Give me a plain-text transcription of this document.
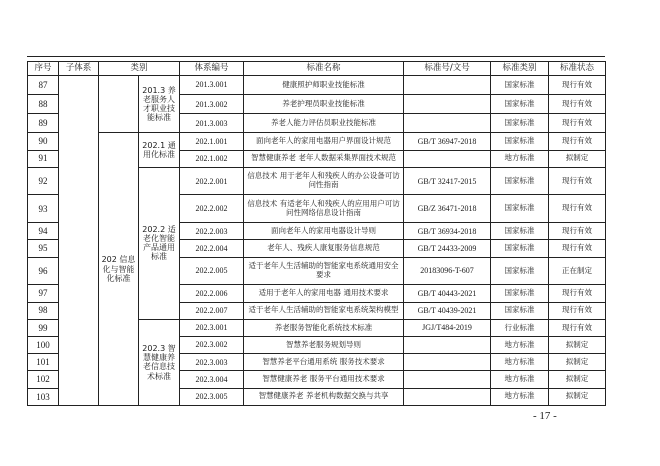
序号	子体系	类别		体系编号	标准名称	标准号/文号	标准类别	标准状态
87			201.3 养老服务人才职业技能标准	201.3.001	健康照护师职业技能标准		国家标准	现行有效
88				201.3.002	养老护理员职业技能标准		国家标准	现行有效
89				201.3.003	养老人能力评估员职业技能标准		国家标准	现行有效
90		202 信息化与智能化标准	202.1 通用化标准	202.1.001	面向老年人的家用电器用户界面设计规范	GB/T 36947-2018	国家标准	现行有效
91				202.1.002	智慧健康养老 老年人数据采集界面技术规范		地方标准	拟制定
92			202.2 适老化智能产品通用标准	202.2.001	信息技术 用于老年人和残疾人的办公设备可访问性指南	GB/T 32417-2015	国家标准	现行有效
93				202.2.002	信息技术 有适老年人和残疾人的应用用户可访问性网络信息设计指南	GB/Z 36471-2018	国家标准	现行有效
94				202.2.003	面向老年人的家用电器设计导则	GB/T 36934-2018	国家标准	现行有效
95				202.2.004	老年人、残疾人康复服务信息规范	GB/T 24433-2009	国家标准	现行有效
96				202.2.005	适于老年人生活辅助的智能家电系统通用安全要求	20183096-T-607	国家标准	正在制定
97				202.2.006	适用于老年人的家用电器 通用技术要求	GB/T 40443-2021	国家标准	现行有效
98				202.2.007	适于老年人生活辅助的智能家电系统架构模型	GB/T 40439-2021	国家标准	现行有效
99			202.3 智慧健康养老信息技术标准	202.3.001	养老服务智能化系统技术标准	JGJ/T484-2019	行业标准	现行有效
100				202.3.002	智慧养老服务规划导则		地方标准	拟制定
101				202.3.003	智慧养老平台通用系统 服务技术要求		地方标准	拟制定
102				202.3.004	智慧健康养老 服务平台通用技术要求		地方标准	拟制定
103				202.3.005	智慧健康养老 养老机构数据交换与共享		地方标准	拟制定
- 17 -
